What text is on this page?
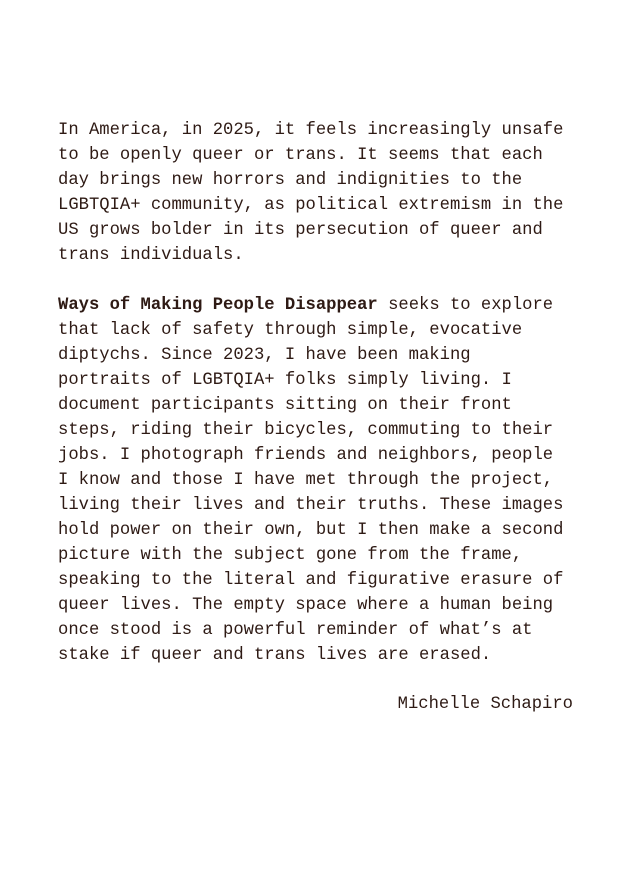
In America, in 2025, it feels increasingly unsafe
to be openly queer or trans. It seems that each
day brings new horrors and indignities to the
LGBTQIA+ community, as political extremism in the
US grows bolder in its persecution of queer and
trans individuals.
Ways of Making People Disappear seeks to explore
that lack of safety through simple, evocative
diptychs. Since 2023, I have been making
portraits of LGBTQIA+ folks simply living. I
document participants sitting on their front
steps, riding their bicycles, commuting to their
jobs. I photograph friends and neighbors, people
I know and those I have met through the project,
living their lives and their truths. These images
hold power on their own, but I then make a second
picture with the subject gone from the frame,
speaking to the literal and figurative erasure of
queer lives. The empty space where a human being
once stood is a powerful reminder of what’s at
stake if queer and trans lives are erased.
Michelle Schapiro
